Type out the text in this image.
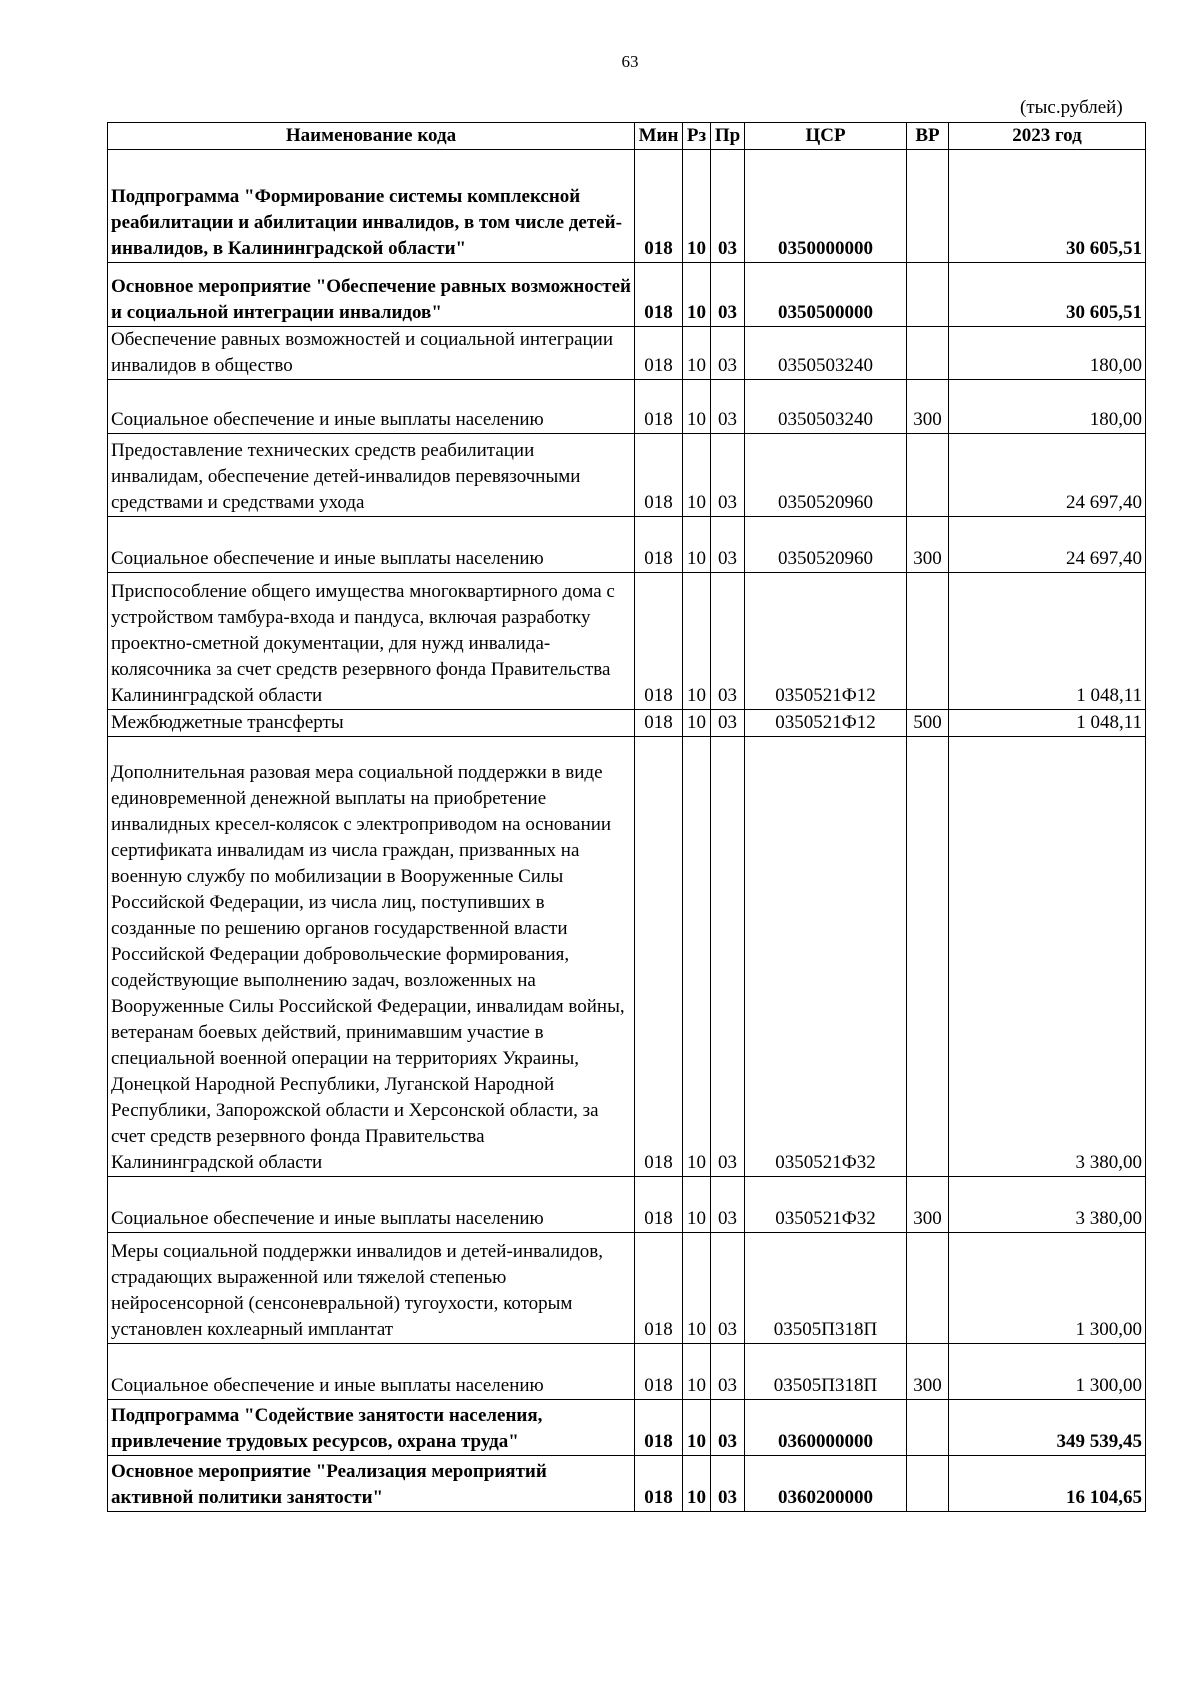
63
(тыс.рублей)
Наименование кода	Мин	Рз	Пр	ЦСР	ВР	2023 год
Подпрограмма "Формирование системы комплексной реабилитации и абилитации инвалидов, в том числе детей-инвалидов, в Калининградской области"	018	10	03	0350000000		30 605,51
Основное мероприятие "Обеспечение равных возможностей и социальной интеграции инвалидов"	018	10	03	0350500000		30 605,51
Обеспечение равных возможностей и социальной интеграции инвалидов в общество	018	10	03	0350503240		180,00
Социальное обеспечение и иные выплаты населению	018	10	03	0350503240	300	180,00
Предоставление технических средств реабилитации инвалидам, обеспечение детей-инвалидов перевязочными средствами и средствами ухода	018	10	03	0350520960		24 697,40
Социальное обеспечение и иные выплаты населению	018	10	03	0350520960	300	24 697,40
Приспособление общего имущества многоквартирного дома с устройством тамбура-входа и пандуса, включая разработку проектно-сметной документации, для нужд инвалида-колясочника за счет средств резервного фонда Правительства Калининградской области	018	10	03	0350521Ф12		1 048,11
Межбюджетные трансферты	018	10	03	0350521Ф12	500	1 048,11
Дополнительная разовая мера социальной поддержки в виде единовременной денежной выплаты на приобретение инвалидных кресел-колясок с электроприводом на основании сертификата инвалидам из числа граждан, призванных на военную службу по мобилизации в Вооруженные Силы Российской Федерации, из числа лиц, поступивших в созданные по решению органов государственной власти Российской Федерации добровольческие формирования, содействующие выполнению задач, возложенных на Вооруженные Силы Российской Федерации, инвалидам войны, ветеранам боевых действий, принимавшим участие в специальной военной операции на территориях Украины, Донецкой Народной Республики, Луганской Народной Республики, Запорожской области и Херсонской области, за счет средств резервного фонда Правительства Калининградской области	018	10	03	0350521Ф32		3 380,00
Социальное обеспечение и иные выплаты населению	018	10	03	0350521Ф32	300	3 380,00
Меры социальной поддержки инвалидов и детей-инвалидов, страдающих выраженной или тяжелой степенью нейросенсорной (сенсоневральной) тугоухости, которым установлен кохлеарный имплантат	018	10	03	03505П318П		1 300,00
Социальное обеспечение и иные выплаты населению	018	10	03	03505П318П	300	1 300,00
Подпрограмма "Содействие занятости населения, привлечение трудовых ресурсов, охрана труда"	018	10	03	0360000000		349 539,45
Основное мероприятие "Реализация мероприятий активной политики занятости"	018	10	03	0360200000		16 104,65
